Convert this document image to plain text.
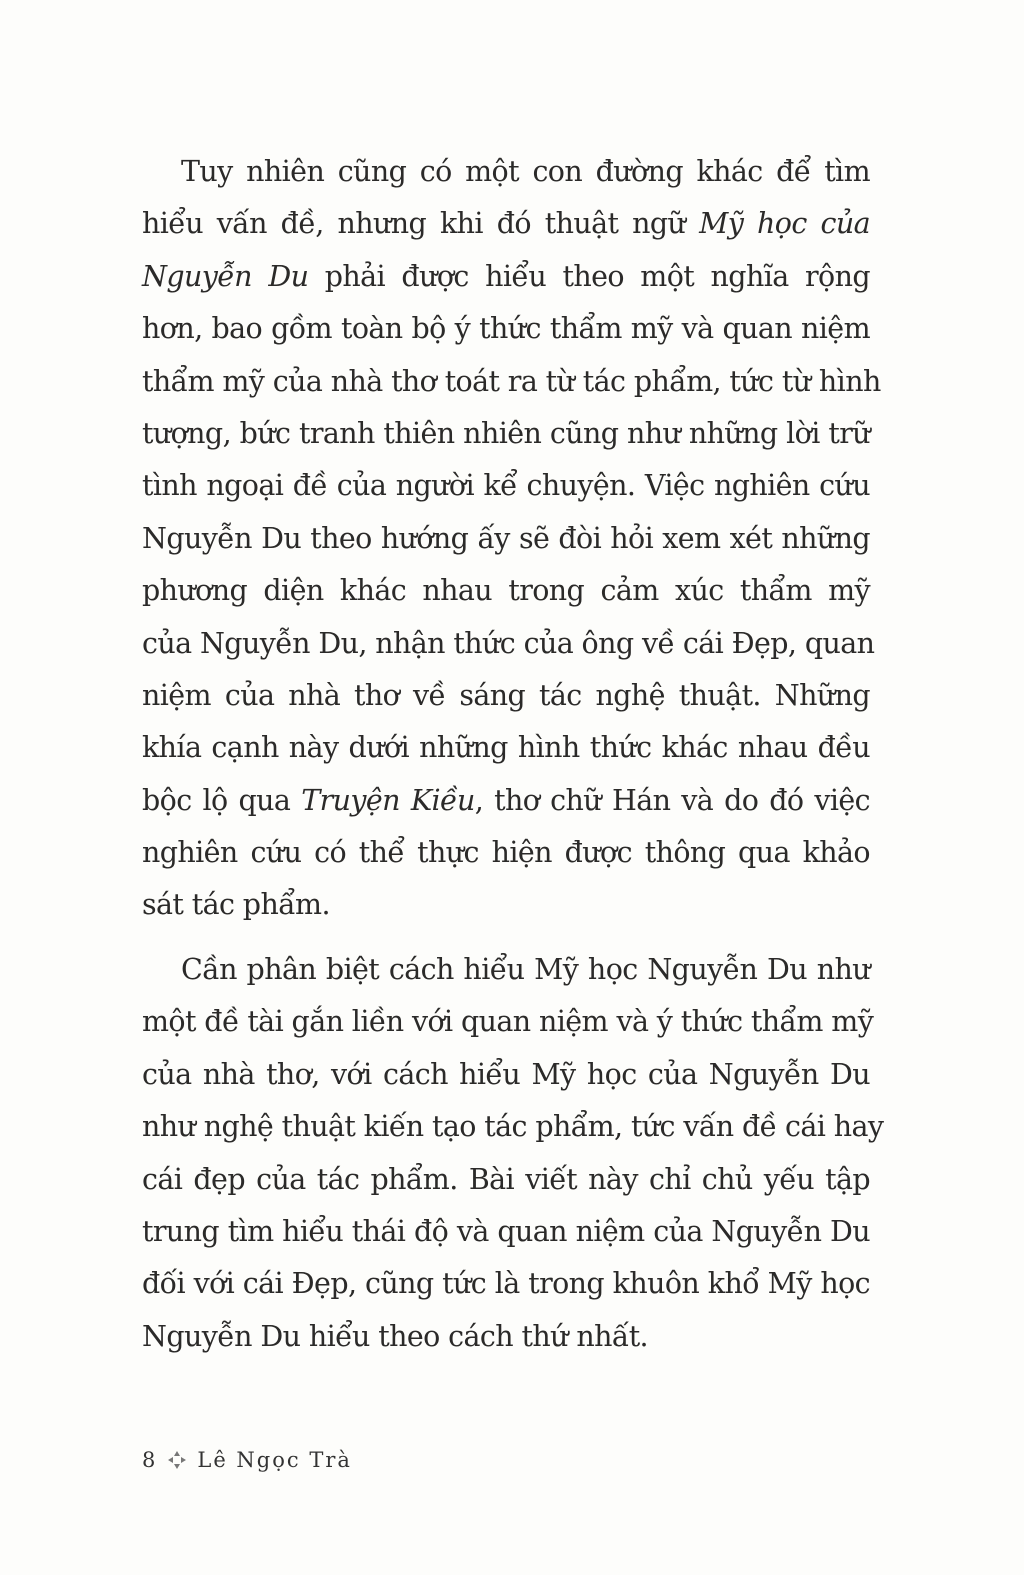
Tuy nhiên cũng có một con đường khác để tìm
hiểu vấn đề, nhưng khi đó thuật ngữ Mỹ học của
Nguyễn Du phải được hiểu theo một nghĩa rộng
hơn, bao gồm toàn bộ ý thức thẩm mỹ và quan niệm
thẩm mỹ của nhà thơ toát ra từ tác phẩm, tức từ hình
tượng, bức tranh thiên nhiên cũng như những lời trữ
tình ngoại đề của người kể chuyện. Việc nghiên cứu
Nguyễn Du theo hướng ấy sẽ đòi hỏi xem xét những
phương diện khác nhau trong cảm xúc thẩm mỹ
của Nguyễn Du, nhận thức của ông về cái Đẹp, quan
niệm của nhà thơ về sáng tác nghệ thuật. Những
khía cạnh này dưới những hình thức khác nhau đều
bộc lộ qua Truyện Kiều, thơ chữ Hán và do đó việc
nghiên cứu có thể thực hiện được thông qua khảo
sát tác phẩm.
Cần phân biệt cách hiểu Mỹ học Nguyễn Du như
một đề tài gắn liền với quan niệm và ý thức thẩm mỹ
của nhà thơ, với cách hiểu Mỹ học của Nguyễn Du
như nghệ thuật kiến tạo tác phẩm, tức vấn đề cái hay
cái đẹp của tác phẩm. Bài viết này chỉ chủ yếu tập
trung tìm hiểu thái độ và quan niệm của Nguyễn Du
đối với cái Đẹp, cũng tức là trong khuôn khổ Mỹ học
Nguyễn Du hiểu theo cách thứ nhất.
8 Lê Ngọc Trà
